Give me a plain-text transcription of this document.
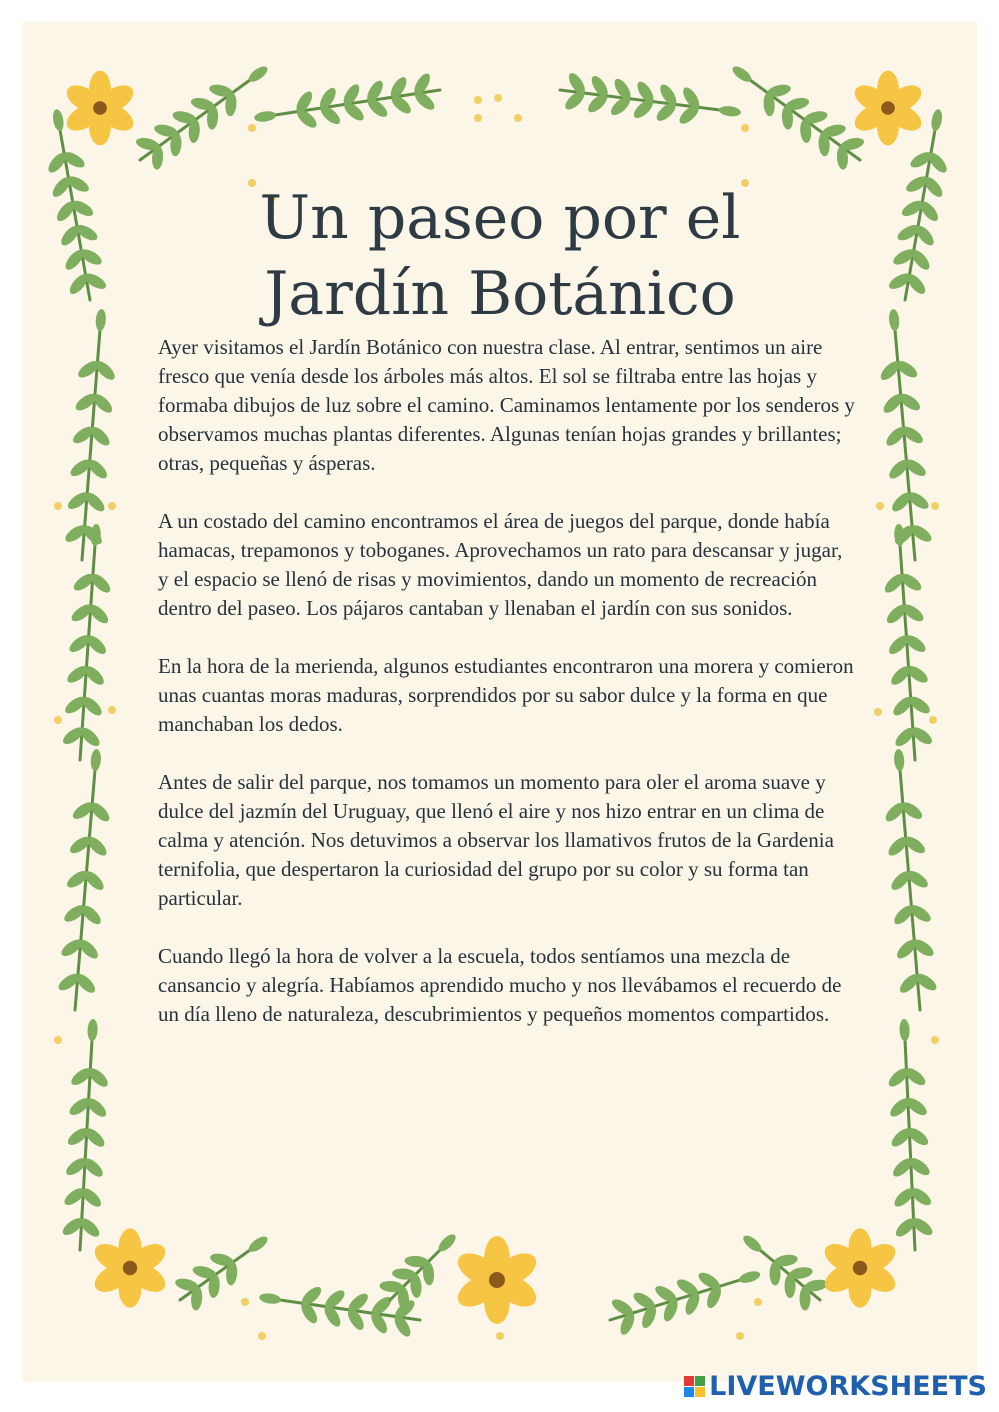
Un paseo por el
Jardín Botánico

Ayer visitamos el Jardín Botánico con nuestra clase. Al entrar, sentimos un aire fresco que venía desde los árboles más altos. El sol se filtraba entre las hojas y formaba dibujos de luz sobre el camino. Caminamos lentamente por los senderos y observamos muchas plantas diferentes. Algunas tenían hojas grandes y brillantes; otras, pequeñas y ásperas.

A un costado del camino encontramos el área de juegos del parque, donde había hamacas, trepamonos y toboganes. Aprovechamos un rato para descansar y jugar, y el espacio se llenó de risas y movimientos, dando un momento de recreación dentro del paseo. Los pájaros cantaban y llenaban el jardín con sus sonidos.

En la hora de la merienda, algunos estudiantes encontraron una morera y comieron unas cuantas moras maduras, sorprendidos por su sabor dulce y la forma en que manchaban los dedos.

Antes de salir del parque, nos tomamos un momento para oler el aroma suave y dulce del jazmín del Uruguay, que llenó el aire y nos hizo entrar en un clima de calma y atención. Nos detuvimos a observar los llamativos frutos de la Gardenia ternifolia, que despertaron la curiosidad del grupo por su color y su forma tan particular.

Cuando llegó la hora de volver a la escuela, todos sentíamos una mezcla de cansancio y alegría. Habíamos aprendido mucho y nos llevábamos el recuerdo de un día lleno de naturaleza, descubrimientos y pequeños momentos compartidos.

LIVEWORKSHEETS
